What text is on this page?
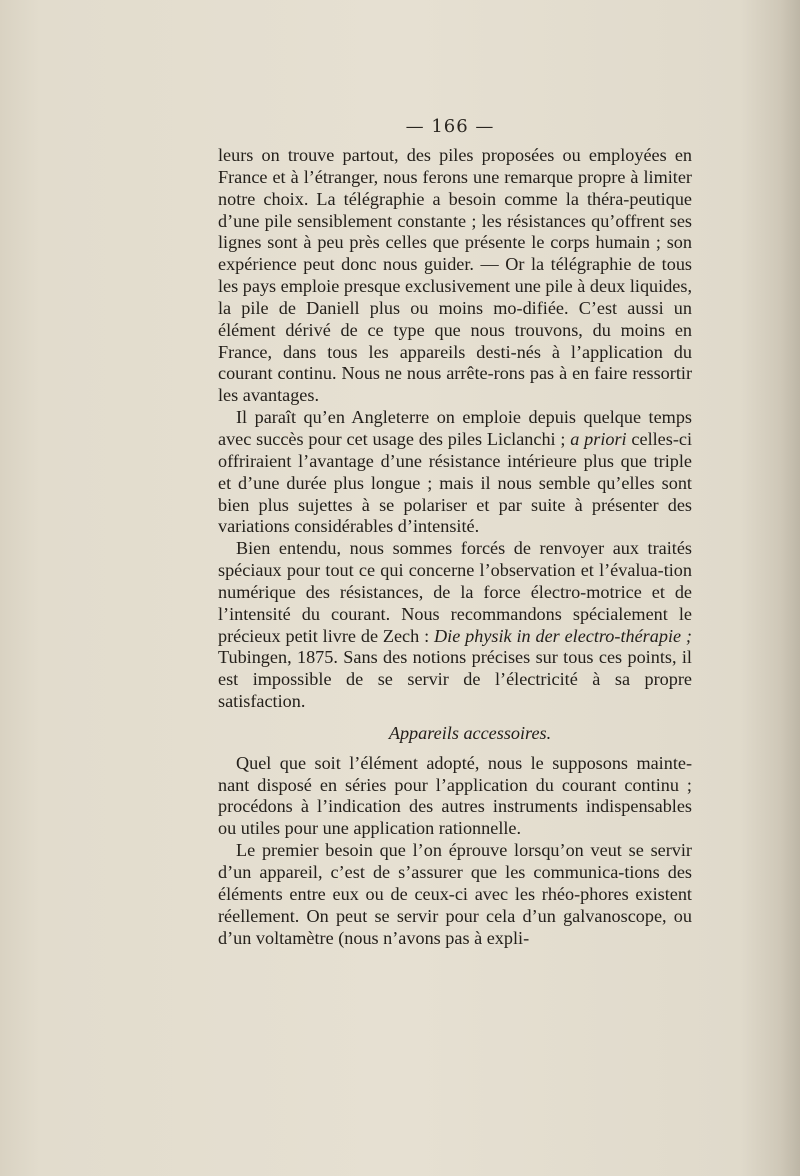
— 166 —

leurs on trouve partout, des piles proposées ou employées en France et à l’étranger, nous ferons une remarque propre à limiter notre choix. La télégraphie a besoin comme la théra-peutique d’une pile sensiblement constante ; les résistances qu’offrent ses lignes sont à peu près celles que présente le corps humain ; son expérience peut donc nous guider. — Or la télégraphie de tous les pays emploie presque exclusivement une pile à deux liquides, la pile de Daniell plus ou moins mo-difiée. C’est aussi un élément dérivé de ce type que nous trouvons, du moins en France, dans tous les appareils desti-nés à l’application du courant continu. Nous ne nous arrête-rons pas à en faire ressortir les avantages.

Il paraît qu’en Angleterre on emploie depuis quelque temps avec succès pour cet usage des piles Liclanchi ; a priori celles-ci offriraient l’avantage d’une résistance intérieure plus que triple et d’une durée plus longue ; mais il nous semble qu’elles sont bien plus sujettes à se polariser et par suite à présenter des variations considérables d’intensité.

Bien entendu, nous sommes forcés de renvoyer aux traités spéciaux pour tout ce qui concerne l’observation et l’évalua-tion numérique des résistances, de la force électro-motrice et de l’intensité du courant. Nous recommandons spécialement le précieux petit livre de Zech : Die physik in der electro-thérapie ; Tubingen, 1875. Sans des notions précises sur tous ces points, il est impossible de se servir de l’électricité à sa propre satisfaction.

Appareils accessoires.

Quel que soit l’élément adopté, nous le supposons mainte-nant disposé en séries pour l’application du courant continu ; procédons à l’indication des autres instruments indispensables ou utiles pour une application rationnelle.

Le premier besoin que l’on éprouve lorsqu’on veut se servir d’un appareil, c’est de s’assurer que les communica-tions des éléments entre eux ou de ceux-ci avec les rhéo-phores existent réellement. On peut se servir pour cela d’un galvanoscope, ou d’un voltamètre (nous n’avons pas à expli-
